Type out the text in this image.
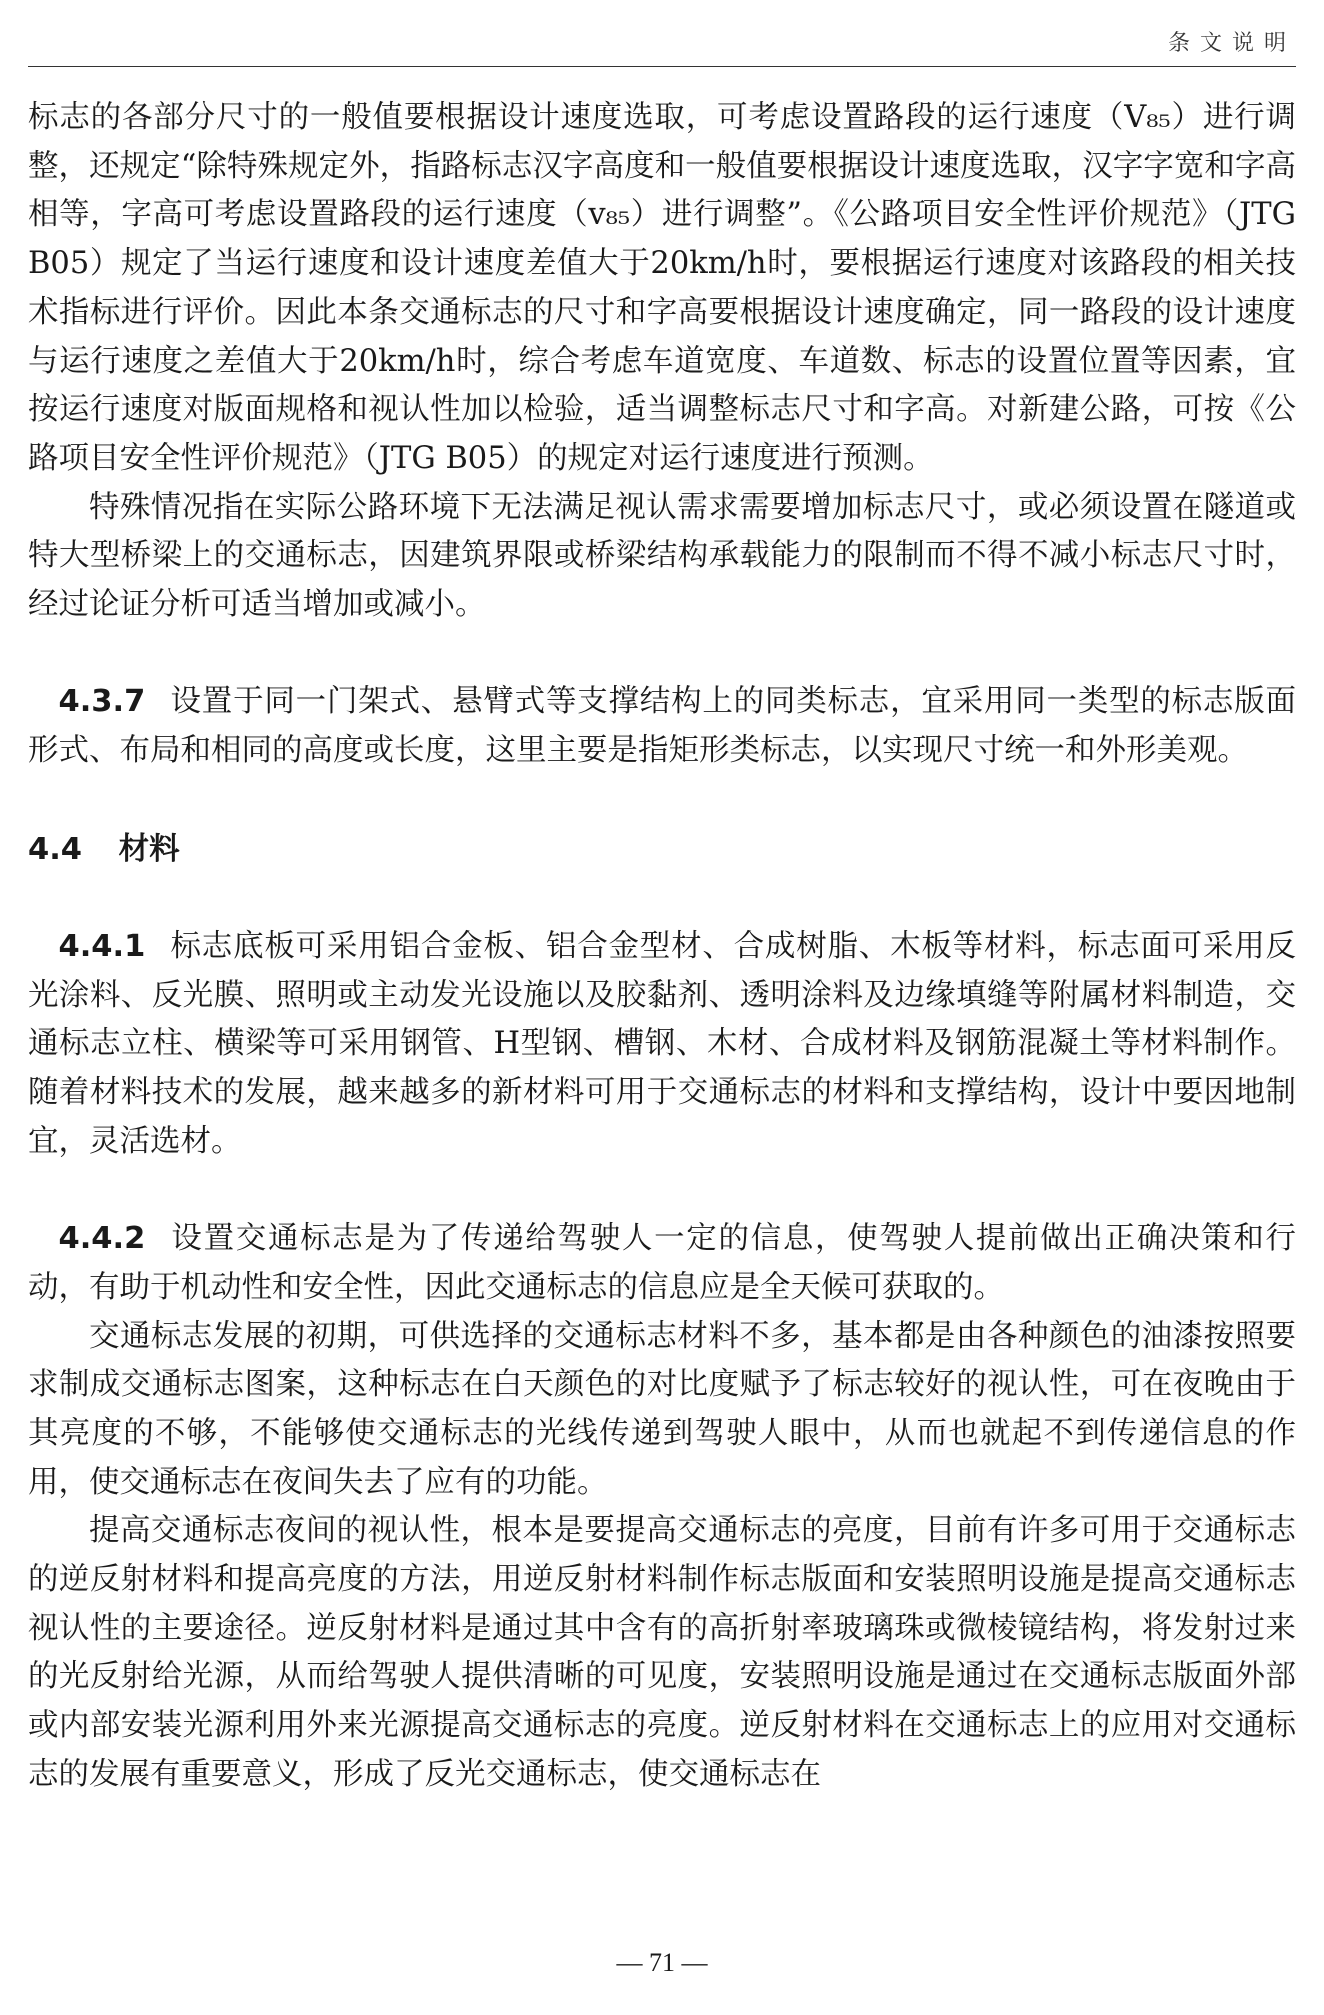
条文说明

标志的各部分尺寸的一般值要根据设计速度选取，可考虑设置路段的运行速度（V₈₅）进行调整，还规定“除特殊规定外，指路标志汉字高度和一般值要根据设计速度选取，汉字字宽和字高相等，字高可考虑设置路段的运行速度（v₈₅）进行调整”。《公路项目安全性评价规范》（JTG B05）规定了当运行速度和设计速度差值大于20km/h时，要根据运行速度对该路段的相关技术指标进行评价。因此本条交通标志的尺寸和字高要根据设计速度确定，同一路段的设计速度与运行速度之差值大于20km/h时，综合考虑车道宽度、车道数、标志的设置位置等因素，宜按运行速度对版面规格和视认性加以检验，适当调整标志尺寸和字高。对新建公路，可按《公路项目安全性评价规范》（JTG B05）的规定对运行速度进行预测。

特殊情况指在实际公路环境下无法满足视认需求需要增加标志尺寸，或必须设置在隧道或特大型桥梁上的交通标志，因建筑界限或桥梁结构承载能力的限制而不得不减小标志尺寸时，经过论证分析可适当增加或减小。

4.3.7 设置于同一门架式、悬臂式等支撑结构上的同类标志，宜采用同一类型的标志版面形式、布局和相同的高度或长度，这里主要是指矩形类标志，以实现尺寸统一和外形美观。

4.4 材料

4.4.1 标志底板可采用铝合金板、铝合金型材、合成树脂、木板等材料，标志面可采用反光涂料、反光膜、照明或主动发光设施以及胶黏剂、透明涂料及边缘填缝等附属材料制造，交通标志立柱、横梁等可采用钢管、H型钢、槽钢、木材、合成材料及钢筋混凝土等材料制作。随着材料技术的发展，越来越多的新材料可用于交通标志的材料和支撑结构，设计中要因地制宜，灵活选材。

4.4.2 设置交通标志是为了传递给驾驶人一定的信息，使驾驶人提前做出正确决策和行动，有助于机动性和安全性，因此交通标志的信息应是全天候可获取的。

交通标志发展的初期，可供选择的交通标志材料不多，基本都是由各种颜色的油漆按照要求制成交通标志图案，这种标志在白天颜色的对比度赋予了标志较好的视认性，可在夜晚由于其亮度的不够，不能够使交通标志的光线传递到驾驶人眼中，从而也就起不到传递信息的作用，使交通标志在夜间失去了应有的功能。

提高交通标志夜间的视认性，根本是要提高交通标志的亮度，目前有许多可用于交通标志的逆反射材料和提高亮度的方法，用逆反射材料制作标志版面和安装照明设施是提高交通标志视认性的主要途径。逆反射材料是通过其中含有的高折射率玻璃珠或微棱镜结构，将发射过来的光反射给光源，从而给驾驶人提供清晰的可见度，安装照明设施是通过在交通标志版面外部或内部安装光源利用外来光源提高交通标志的亮度。逆反射材料在交通标志上的应用对交通标志的发展有重要意义，形成了反光交通标志，使交通标志在

— 71 —
